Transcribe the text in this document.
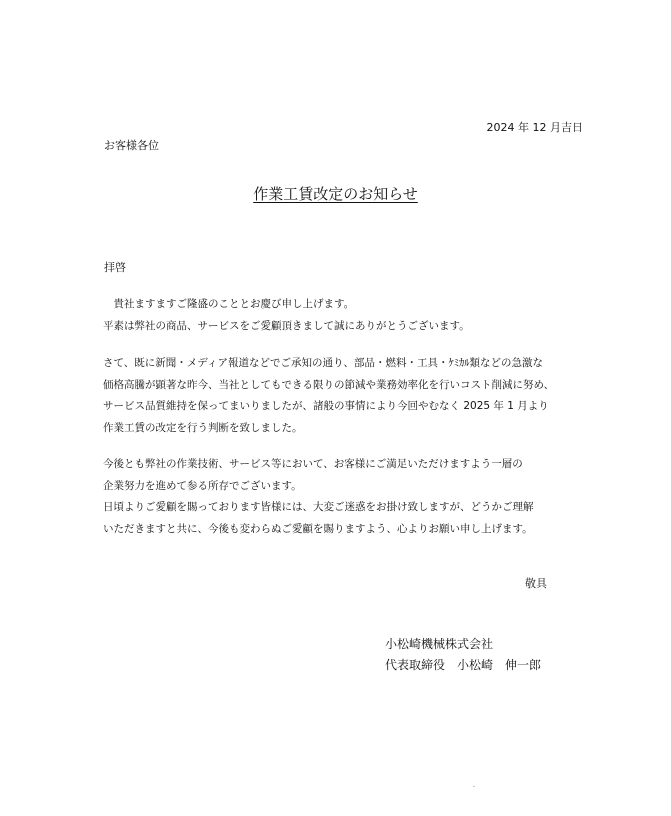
2024 年 12 月吉日
お客様各位
作業工賃改定のお知らせ
拝啓
　貴社ますますご隆盛のこととお慶び申し上げます。
平素は弊社の商品、サービスをご愛顧頂きまして誠にありがとうございます。
さて、既に新聞・メディア報道などでご承知の通り、部品・燃料・工具・ｹﾐｶﾙ類などの急激な
価格高騰が顕著な昨今、当社としてもできる限りの節減や業務効率化を行いコスト削減に努め、
サービス品質維持を保ってまいりましたが、諸般の事情により今回やむなく 2025 年 1 月より
作業工賃の改定を行う判断を致しました。
今後とも弊社の作業技術、サービス等において、お客様にご満足いただけますよう一層の
企業努力を進めて参る所存でございます。
日頃よりご愛顧を賜っております皆様には、大変ご迷惑をお掛け致しますが、どうかご理解
いただきますと共に、今後も変わらぬご愛顧を賜りますよう、心よりお願い申し上げます。
敬具
小松崎機械株式会社
代表取締役　小松崎　伸一郎
